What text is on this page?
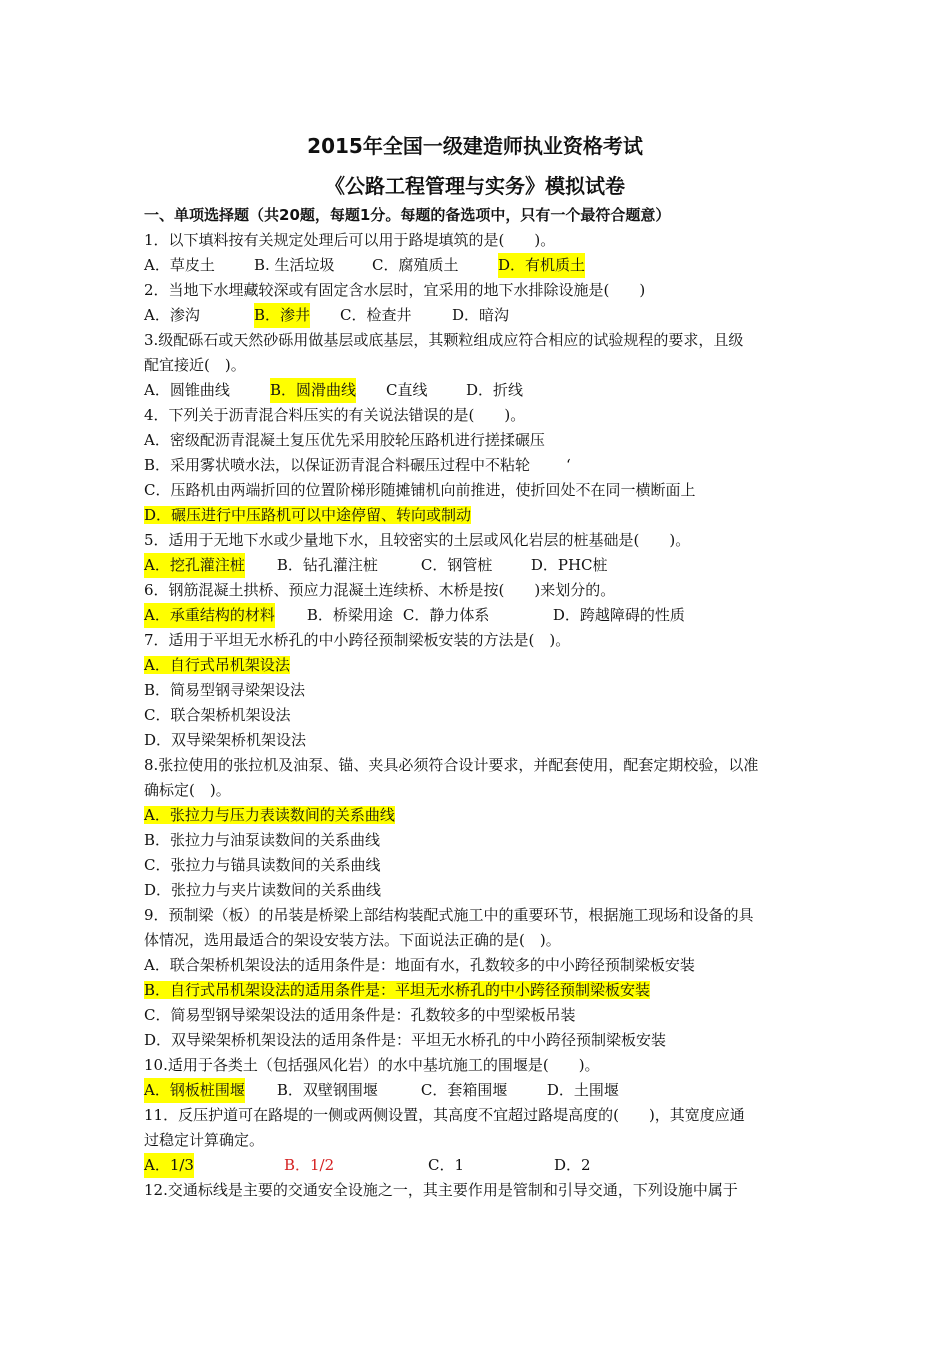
2015年全国一级建造师执业资格考试
《公路工程管理与实务》模拟试卷
一、单项选择题（共20题，每题1分。每题的备选项中，只有一个最符合题意）
1．以下填料按有关规定处理后可以用于路堤填筑的是(　　)。
A．草皮土	B. 生活垃圾 C．腐殖质土	D．有机质土
2．当地下水埋藏较深或有固定含水层时，宜采用的地下水排除设施是(　　)
A．渗沟	B．渗井 C．检查井	D．暗沟
3.级配砾石或天然砂砾用做基层或底基层，其颗粒组成应符合相应的试验规程的要求，且级
配宜接近(　)。
A．圆锥曲线	B．圆滑曲线 C直线	D．折线
4．下列关于沥青混合料压实的有关说法错误的是(　　)。
A．密级配沥青混凝土复压优先采用胶轮压路机进行搓揉碾压
B．采用雾状喷水法，以保证沥青混合料碾压过程中不粘轮 ‘
C．压路机由两端折回的位置阶梯形随摊铺机向前推进，使折回处不在同一横断面上
D．碾压进行中压路机可以中途停留、转向或制动
5．适用于无地下水或少量地下水，且较密实的土层或风化岩层的桩基础是(　　)。
A．挖孔灌注桩 B．钻孔灌注桩	C．钢管桩	D．PHC桩
6．钢筋混凝土拱桥、预应力混凝土连续桥、木桥是按(　　)来划分的。
A．承重结构的材料 B．桥梁用途 C．静力体系	D．跨越障碍的性质
7．适用于平坦无水桥孔的中小跨径预制梁板安装的方法是(　)。
A．自行式吊机架设法
B．简易型钢寻梁架设法
C．联合架桥机架设法
D．双导梁架桥机架设法
8.张拉使用的张拉机及油泵、锚、夹具必须符合设计要求，并配套使用，配套定期校验，以准
确标定(　)。
A．张拉力与压力表读数间的关系曲线
B．张拉力与油泵读数间的关系曲线
C．张拉力与锚具读数间的关系曲线
D．张拉力与夹片读数间的关系曲线
9．预制梁（板）的吊装是桥梁上部结构装配式施工中的重要环节，根据施工现场和设备的具
体情况，选用最适合的架设安装方法。下面说法正确的是(　)。
A．联合架桥机架设法的适用条件是：地面有水，孔数较多的中小跨径预制梁板安装
B．自行式吊机架设法的适用条件是：平坦无水桥孔的中小跨径预制梁板安装
C．简易型钢导梁架设法的适用条件是：孔数较多的中型梁板吊装
D．双导梁架桥机架设法的适用条件是：平坦无水桥孔的中小跨径预制梁板安装
10.适用于各类土（包括强风化岩）的水中基坑施工的围堰是(　　)。
A．钢板桩围堰 B．双壁钢围堰	C．套箱围堰	D．土围堰
11．反压护道可在路堤的一侧或两侧设置，其高度不宜超过路堤高度的(　　)，其宽度应通
过稳定计算确定。
A．1/3	B．1/2	C．1	D．2
12.交通标线是主要的交通安全设施之一，其主要作用是管制和引导交通，下列设施中属于
